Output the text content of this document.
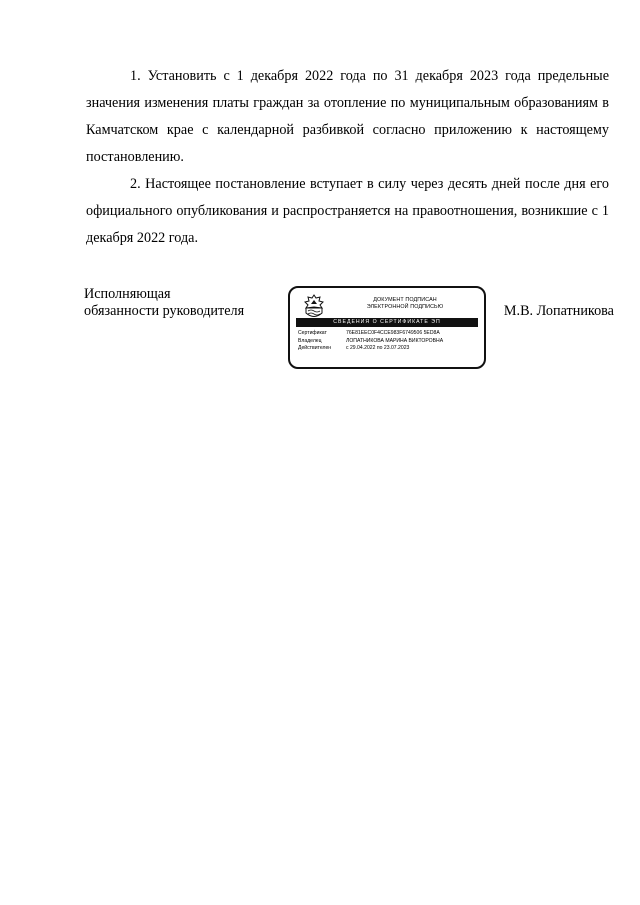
1. Установить с 1 декабря 2022 года по 31 декабря 2023 года предельные значения изменения платы граждан за отопление по муниципальным образованиям в Камчатском крае с календарной разбивкой согласно приложению к настоящему постановлению.

2. Настоящее постановление вступает в силу через десять дней после дня его официального опубликования и распространяется на правоотношения, возникшие с 1 декабря 2022 года.

Исполняющая
обязанности руководителя
ДОКУМЕНТ ПОДПИСАН
ЭЛЕКТРОННОЙ ПОДПИСЬЮ
СВЕДЕНИЯ О СЕРТИФИКАТЕ ЭП
Сертификат	76E81EEC0F4CCE983F6749506 5ED8A
Владелец	ЛОПАТНИКОВА МАРИНА ВИКТОРОВНА
Действителен	с 29.04.2022 по 23.07.2023
М.В. Лопатникова
